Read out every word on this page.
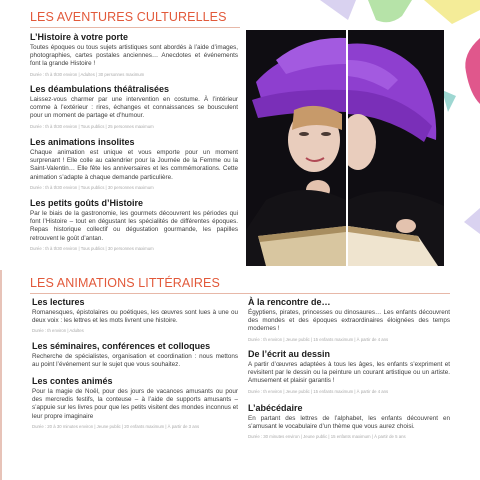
LES AVENTURES CULTURELLES
L’Histoire à votre porte

Toutes époques ou tous sujets artistiques sont abordés à l’aide d’images, photographies, cartes postales anciennes… Anecdotes et événements font la grande Histoire !

Durée : th à th30 environ | Adultes | 30 personnes maximum
Les déambulations théâtralisées

Laissez-vous charmer par une intervention en costume. À l’intérieur comme à l’extérieur : rires, échanges et connaissances se bousculent pour un moment de partage et d’humour.

Durée : th à th30 environ | Tous publics | 25 personnes maximum
Les animations insolites

Chaque animation est unique et vous emporte pour un moment surprenant ! Elle colle au calendrier pour la Journée de la Femme ou la Saint-Valentin… Elle fête les anniversaires et les commémorations. Cette animation s’adapte à chaque demande particulière.

Durée : th à th30 environ | Tous publics | 30 personnes maximum
Les petits goûts d’Histoire

Par le biais de la gastronomie, les gourmets découvrent les périodes qui font l’Histoire – tout en dégustant les spécialités de différentes époques. Repas historique collectif ou dégustation gourmande, les papilles retrouvent le goût d’antan.

Durée : th à th30 environ | Tous publics | 30 personnes maximum
LES ANIMATIONS LITTÉRAIRES
Les lectures

Romanesques, épistolaires ou poétiques, les œuvres sont lues à une ou deux voix : les lettres et les mots livrent une histoire.

Durée : th environ | Adultes
Les séminaires, conférences et colloques

Recherche de spécialistes, organisation et coordination : nous mettons au point l’événement sur le sujet que vous souhaitez.

Les contes animés

Pour la magie de Noël, pour des jours de vacances amusants ou pour des mercredis festifs, la conteuse – à l’aide de supports amusants – s’appuie sur les livres pour que les petits visitent des mondes inconnus et leur propre imaginaire

Durée : 20 à 30 minutes environ | Jeune public | 20 enfants maximum | À partir de 3 ans
À la rencontre de…

Égyptiens, pirates, princesses ou dinosaures… Les enfants découvrent des mondes et des époques extraordinaires éloignées des temps modernes !

Durée : th environ | Jeune public | 15 enfants maximum | À partir de 4 ans
De l’écrit au dessin

A partir d’œuvres adaptées à tous les âges, les enfants s’expriment et revisitent par le dessin ou la peinture un courant artistique ou un artiste. Amusement et plaisir garantis !

Durée : th environ | Jeune public | 15 enfants maximum | À partir de 4 ans
L’abécédaire

En partant des lettres de l’alphabet, les enfants découvrent en s’amusant le vocabulaire d’un thème que vous aurez choisi.

Durée : 30 minutes environ | Jeune public | 15 enfants maximum | À partir de 5 ans
